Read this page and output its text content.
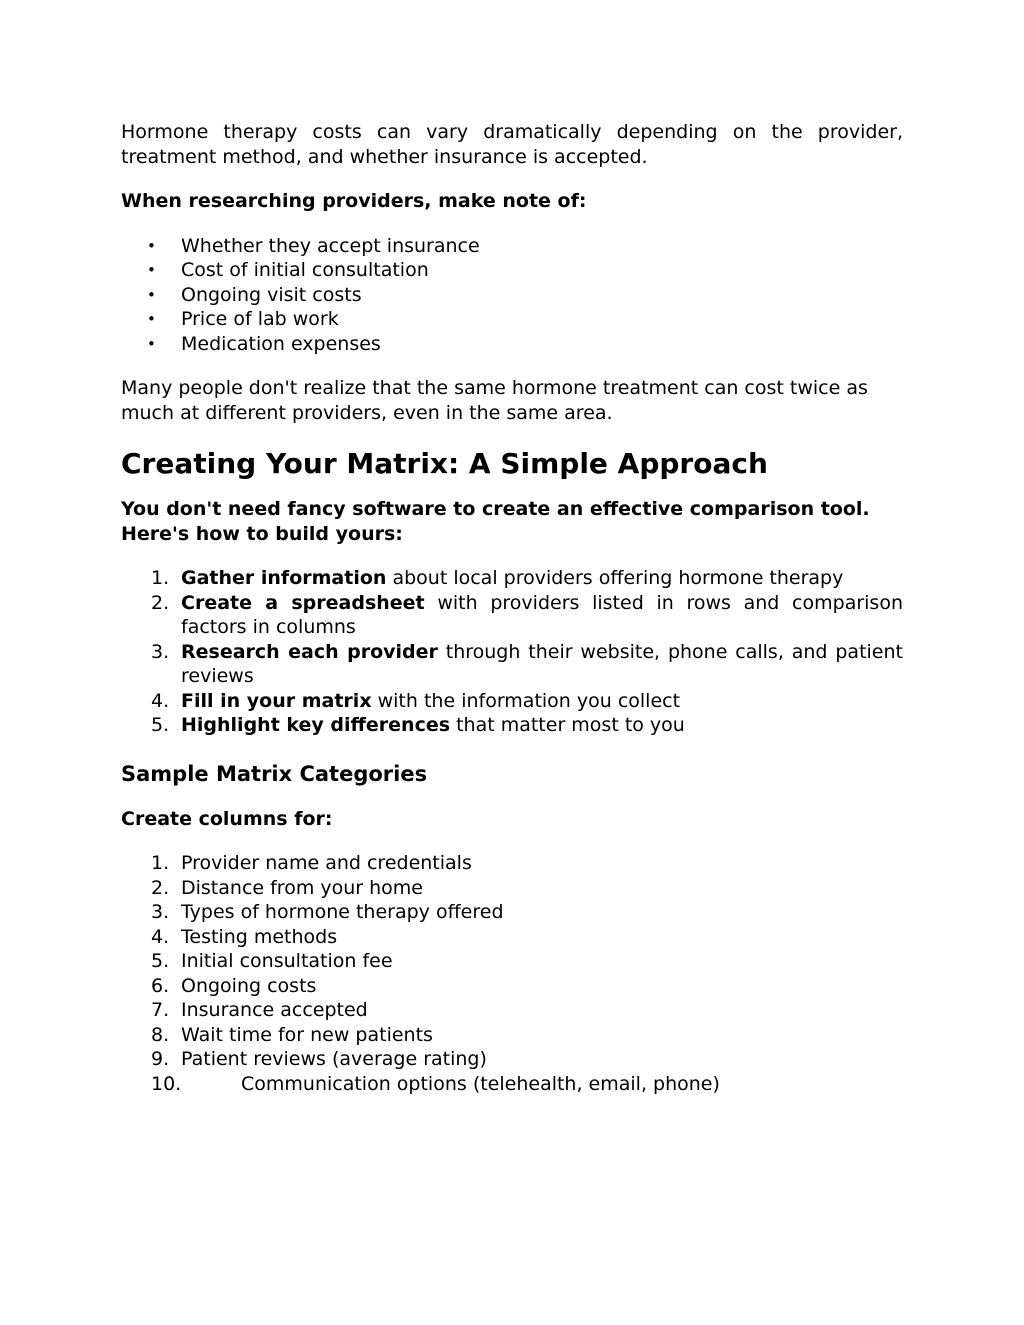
Hormone therapy costs can vary dramatically depending on the provider, treatment method, and whether insurance is accepted.

When researching providers, make note of:

• Whether they accept insurance
• Cost of initial consultation
• Ongoing visit costs
• Price of lab work
• Medication expenses

Many people don't realize that the same hormone treatment can cost twice as much at different providers, even in the same area.

Creating Your Matrix: A Simple Approach

You don't need fancy software to create an effective comparison tool. Here's how to build yours:

1. Gather information about local providers offering hormone therapy
2. Create a spreadsheet with providers listed in rows and comparison factors in columns
3. Research each provider through their website, phone calls, and patient reviews
4. Fill in your matrix with the information you collect
5. Highlight key differences that matter most to you
Sample Matrix Categories

Create columns for:

1. Provider name and credentials
2. Distance from your home
3. Types of hormone therapy offered
4. Testing methods
5. Initial consultation fee
6. Ongoing costs
7. Insurance accepted
8. Wait time for new patients
9. Patient reviews (average rating)
10.	Communication options (telehealth, email, phone)
